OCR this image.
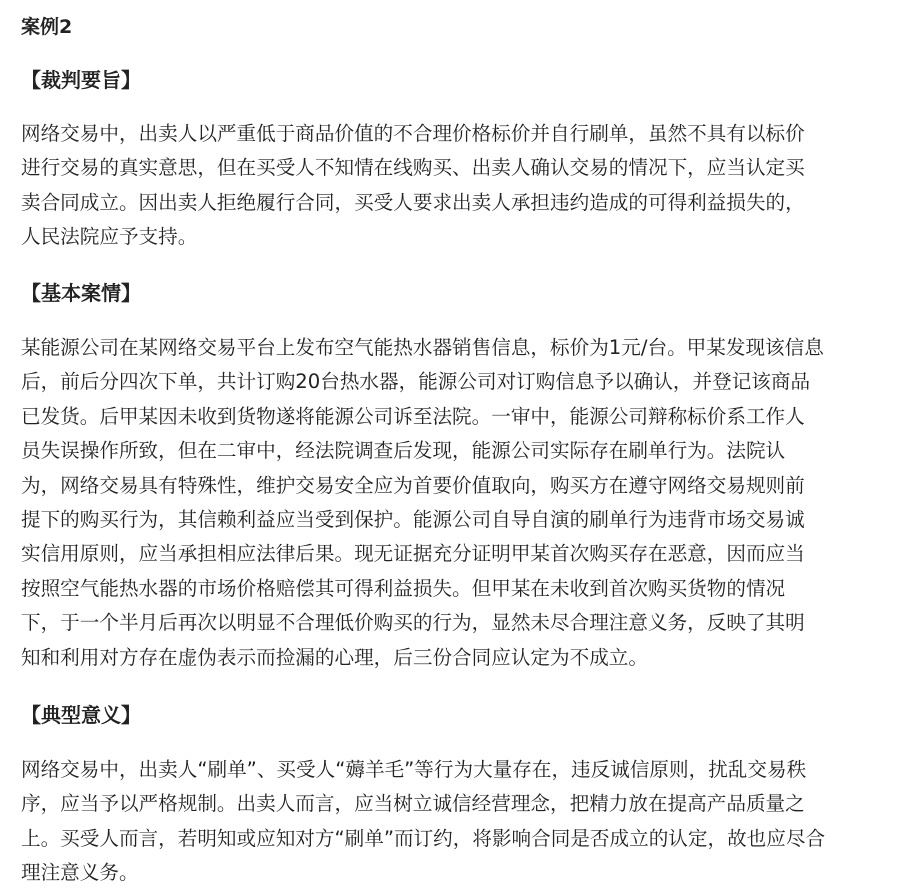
案例2
【裁判要旨】
网络交易中，出卖人以严重低于商品价值的不合理价格标价并自行刷单，虽然不具有以标价
进行交易的真实意思，但在买受人不知情在线购买、出卖人确认交易的情况下，应当认定买
卖合同成立。因出卖人拒绝履行合同，买受人要求出卖人承担违约造成的可得利益损失的，
人民法院应予支持。
【基本案情】
某能源公司在某网络交易平台上发布空气能热水器销售信息，标价为1元/台。甲某发现该信息
后，前后分四次下单，共计订购20台热水器，能源公司对订购信息予以确认，并登记该商品
已发货。后甲某因未收到货物遂将能源公司诉至法院。一审中，能源公司辩称标价系工作人
员失误操作所致，但在二审中，经法院调查后发现，能源公司实际存在刷单行为。法院认
为，网络交易具有特殊性，维护交易安全应为首要价值取向，购买方在遵守网络交易规则前
提下的购买行为，其信赖利益应当受到保护。能源公司自导自演的刷单行为违背市场交易诚
实信用原则，应当承担相应法律后果。现无证据充分证明甲某首次购买存在恶意，因而应当
按照空气能热水器的市场价格赔偿其可得利益损失。但甲某在未收到首次购买货物的情况
下，于一个半月后再次以明显不合理低价购买的行为，显然未尽合理注意义务，反映了其明
知和利用对方存在虚伪表示而捡漏的心理，后三份合同应认定为不成立。
【典型意义】
网络交易中，出卖人“刷单”、买受人“薅羊毛”等行为大量存在，违反诚信原则，扰乱交易秩
序，应当予以严格规制。出卖人而言，应当树立诚信经营理念，把精力放在提高产品质量之
上。买受人而言，若明知或应知对方“刷单”而订约，将影响合同是否成立的认定，故也应尽合
理注意义务。
